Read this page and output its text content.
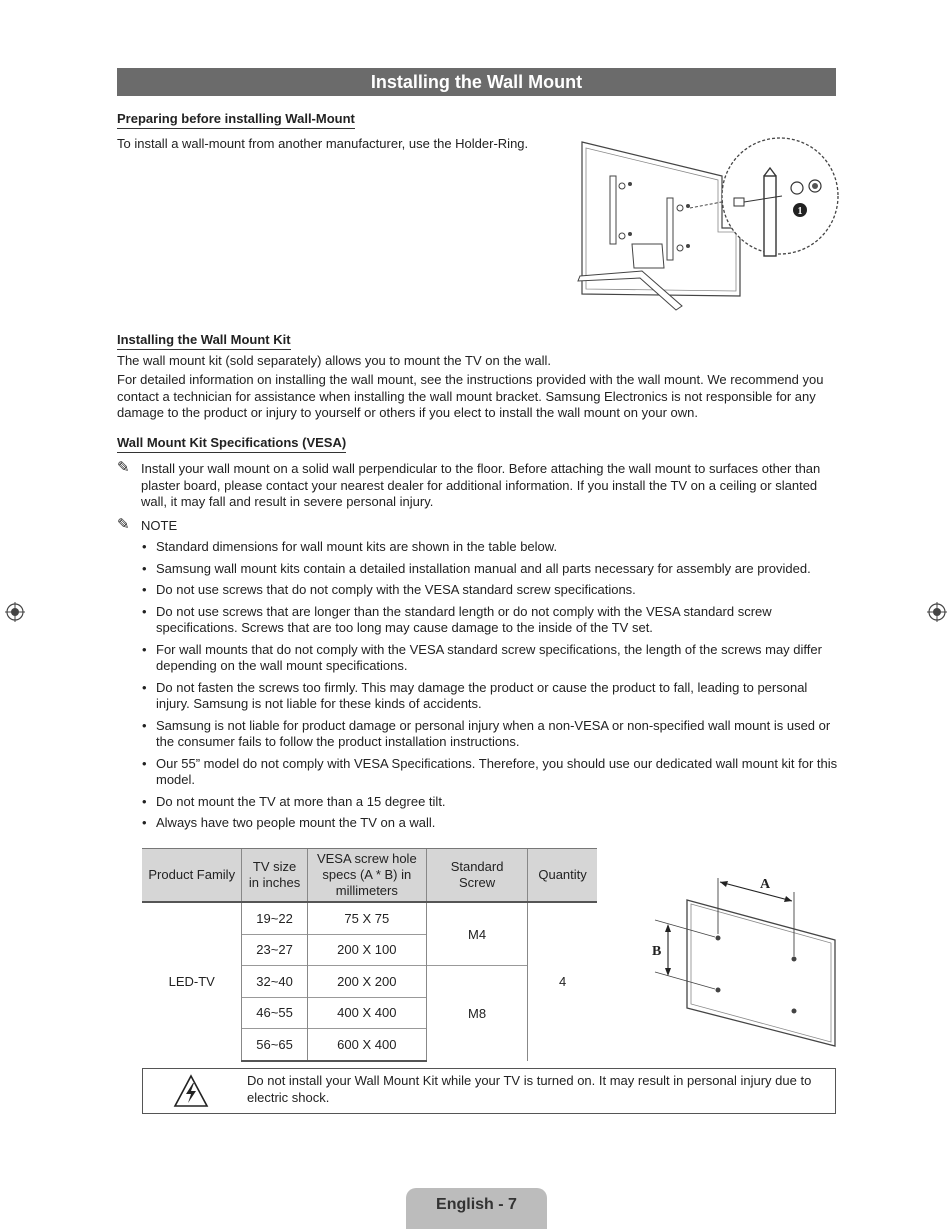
Installing the Wall Mount
Preparing before installing Wall-Mount
To install a wall-mount from another manufacturer, use the Holder-Ring.
1
Installing the Wall Mount Kit
The wall mount kit (sold separately) allows you to mount the TV on the wall.
For detailed information on installing the wall mount, see the instructions provided with the wall mount. We recommend you contact a technician for assistance when installing the wall mount bracket. Samsung Electronics is not responsible for any damage to the product or injury to yourself or others if you elect to install the wall mount on your own.
Wall Mount Kit Specifications (VESA)
✎ Install your wall mount on a solid wall perpendicular to the floor. Before attaching the wall mount to surfaces other than plaster board, please contact your nearest dealer for additional information. If you install the TV on a ceiling or slanted wall, it may fall and result in severe personal injury.
✎ NOTE
• Standard dimensions for wall mount kits are shown in the table below.
• Samsung wall mount kits contain a detailed installation manual and all parts necessary for assembly are provided.
• Do not use screws that do not comply with the VESA standard screw specifications.
• Do not use screws that are longer than the standard length or do not comply with the VESA standard screw specifications. Screws that are too long may cause damage to the inside of the TV set.
• For wall mounts that do not comply with the VESA standard screw specifications, the length of the screws may differ depending on the wall mount specifications.
• Do not fasten the screws too firmly. This may damage the product or cause the product to fall, leading to personal injury. Samsung is not liable for these kinds of accidents.
• Samsung is not liable for product damage or personal injury when a non-VESA or non-specified wall mount is used or the consumer fails to follow the product installation instructions.
• Our 55” model do not comply with VESA Specifications. Therefore, you should use our dedicated wall mount kit for this model.
• Do not mount the TV at more than a 15 degree tilt.
• Always have two people mount the TV on a wall.
Product Family	TV size in inches	VESA screw hole specs (A * B) in millimeters	Standard Screw	Quantity
LED-TV	19~22	75 X 75	M4	4
	23~27	200 X 100		
	32~40	200 X 200	M8	
	46~55	400 X 400		
	56~65	600 X 400		
A
B
Do not install your Wall Mount Kit while your TV is turned on. It may result in personal injury due to electric shock.
English - 7
